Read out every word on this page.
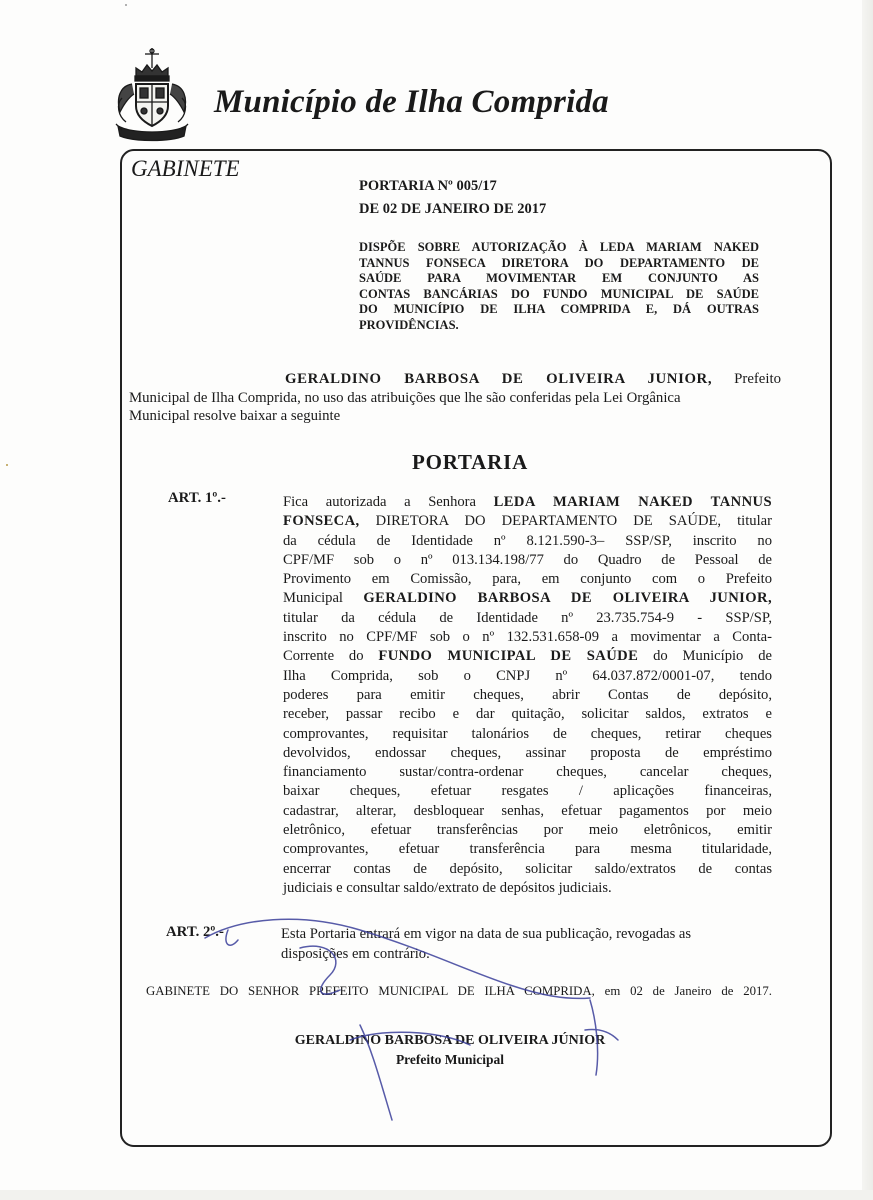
Município de Ilha Comprida
GABINETE
PORTARIA Nº 005/17
DE 02 DE JANEIRO DE 2017
DISPÕE SOBRE AUTORIZAÇÃO À LEDA MARIAM NAKED
TANNUS FONSECA DIRETORA DO DEPARTAMENTO DE
SAÚDE PARA MOVIMENTAR EM CONJUNTO AS
CONTAS BANCÁRIAS DO FUNDO MUNICIPAL DE SAÚDE
DO MUNICÍPIO DE ILHA COMPRIDA E, DÁ OUTRAS
PROVIDÊNCIAS.
GERALDINO BARBOSA DE OLIVEIRA JUNIOR, Prefeito
Municipal de Ilha Comprida, no uso das atribuições que lhe são conferidas pela Lei Orgânica
Municipal resolve baixar a seguinte
PORTARIA
ART. 1º.-	Fica autorizada a Senhora LEDA MARIAM NAKED TANNUS
FONSECA, DIRETORA DO DEPARTAMENTO DE SAÚDE, titular
da cédula de Identidade nº 8.121.590-3– SSP/SP, inscrito no
CPF/MF sob o nº 013.134.198/77 do Quadro de Pessoal de
Provimento em Comissão, para, em conjunto com o Prefeito
Municipal GERALDINO BARBOSA DE OLIVEIRA JUNIOR,
titular da cédula de Identidade nº 23.735.754-9 - SSP/SP,
inscrito no CPF/MF sob o nº 132.531.658-09 a movimentar a Conta-
Corrente do FUNDO MUNICIPAL DE SAÚDE do Município de
Ilha Comprida, sob o CNPJ nº 64.037.872/0001-07, tendo
poderes para emitir cheques, abrir Contas de depósito,
receber, passar recibo e dar quitação, solicitar saldos, extratos e
comprovantes, requisitar talonários de cheques, retirar cheques
devolvidos, endossar cheques, assinar proposta de empréstimo
financiamento sustar/contra-ordenar cheques, cancelar cheques,
baixar cheques, efetuar resgates / aplicações financeiras,
cadastrar, alterar, desbloquear senhas, efetuar pagamentos por meio
eletrônico, efetuar transferências por meio eletrônicos, emitir
comprovantes, efetuar transferência para mesma titularidade,
encerrar contas de depósito, solicitar saldo/extratos de contas
judiciais e consultar saldo/extrato de depósitos judiciais.
ART. 2º.-	Esta Portaria entrará em vigor na data de sua publicação, revogadas as
disposições em contrário.
GABINETE DO SENHOR PREFEITO MUNICIPAL DE ILHA COMPRIDA, em 02 de Janeiro de 2017.
GERALDINO BARBOSA DE OLIVEIRA JÚNIOR
Prefeito Municipal
